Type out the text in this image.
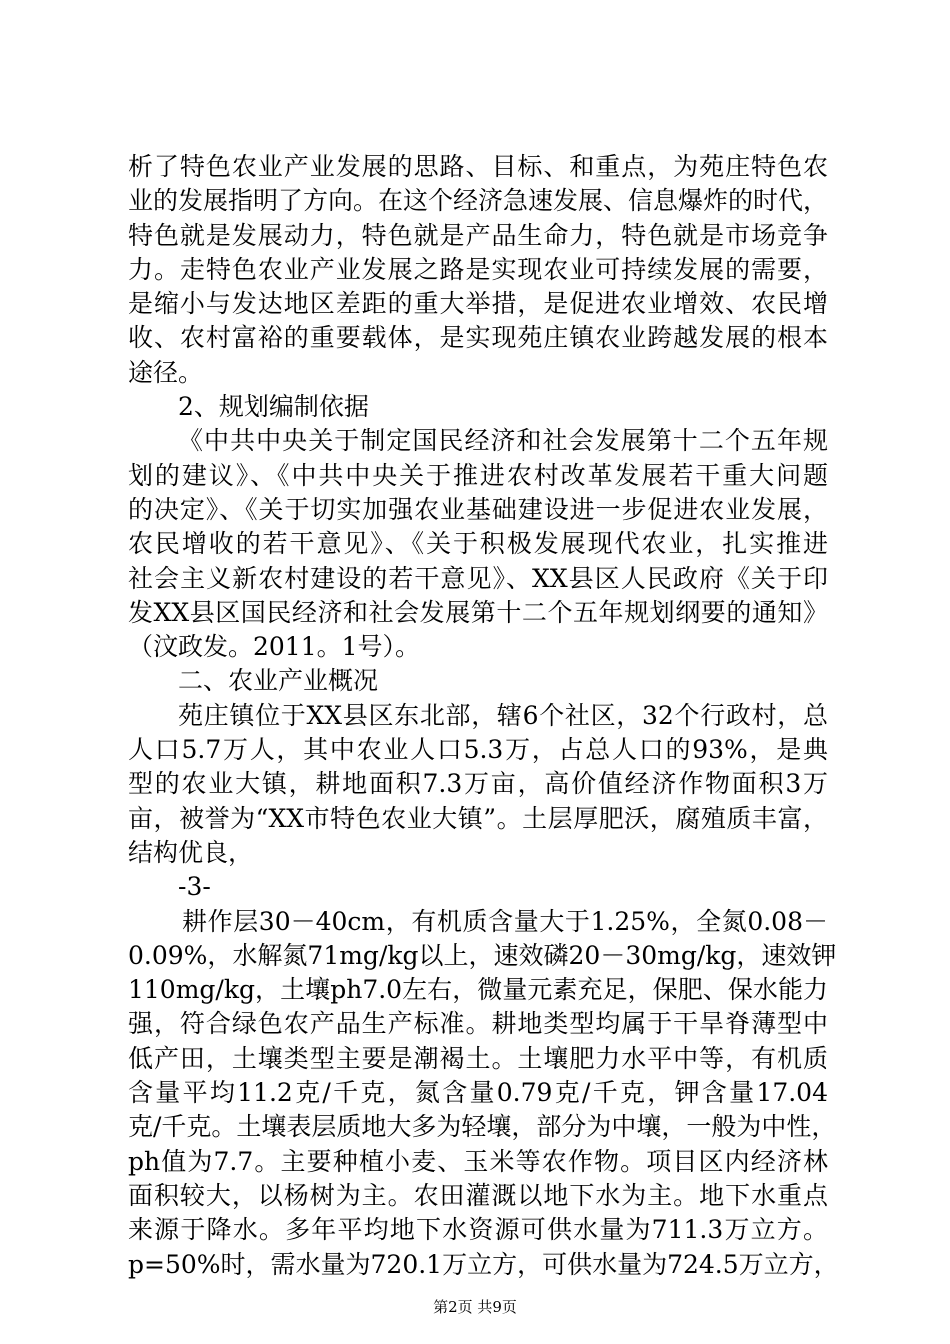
析了特色农业产业发展的思路、目标、和重点，为苑庄特色农
业的发展指明了方向。在这个经济急速发展、信息爆炸的时代，
特色就是发展动力，特色就是产品生命力，特色就是市场竞争
力。走特色农业产业发展之路是实现农业可持续发展的需要，
是缩小与发达地区差距的重大举措，是促进农业增效、农民增
收、农村富裕的重要载体，是实现苑庄镇农业跨越发展的根本
途径。
2、规划编制依据
《中共中央关于制定国民经济和社会发展第十二个五年规
划的建议》、《中共中央关于推进农村改革发展若干重大问题
的决定》、《关于切实加强农业基础建设进一步促进农业发展，
农民增收的若干意见》、《关于积极发展现代农业，扎实推进
社会主义新农村建设的若干意见》、XX县区人民政府《关于印
发XX县区国民经济和社会发展第十二个五年规划纲要的通知》
（汶政发。2011。1号）。
二、农业产业概况
苑庄镇位于XX县区东北部，辖6个社区，32个行政村，总
人口5.7万人，其中农业人口5.3万，占总人口的93%，是典
型的农业大镇，耕地面积7.3万亩，高价值经济作物面积3万
亩，被誉为“XX市特色农业大镇”。土层厚肥沃，腐殖质丰富，
结构优良，
-3-
耕作层30－40cm，有机质含量大于1.25%，全氮0.08－
0.09%，水解氮71mg/kg以上，速效磷20－30mg/kg，速效钾
110mg/kg，土壤ph7.0左右，微量元素充足，保肥、保水能力
强，符合绿色农产品生产标准。耕地类型均属于干旱脊薄型中
低产田，土壤类型主要是潮褐土。土壤肥力水平中等，有机质
含量平均11.2克/千克，氮含量0.79克/千克，钾含量17.04
克/千克。土壤表层质地大多为轻壤，部分为中壤，一般为中性，
ph值为7.7。主要种植小麦、玉米等农作物。项目区内经济林
面积较大，以杨树为主。农田灌溉以地下水为主。地下水重点
来源于降水。多年平均地下水资源可供水量为711.3万立方。
p=50%时，需水量为720.1万立方，可供水量为724.5万立方，
第2页 共9页
